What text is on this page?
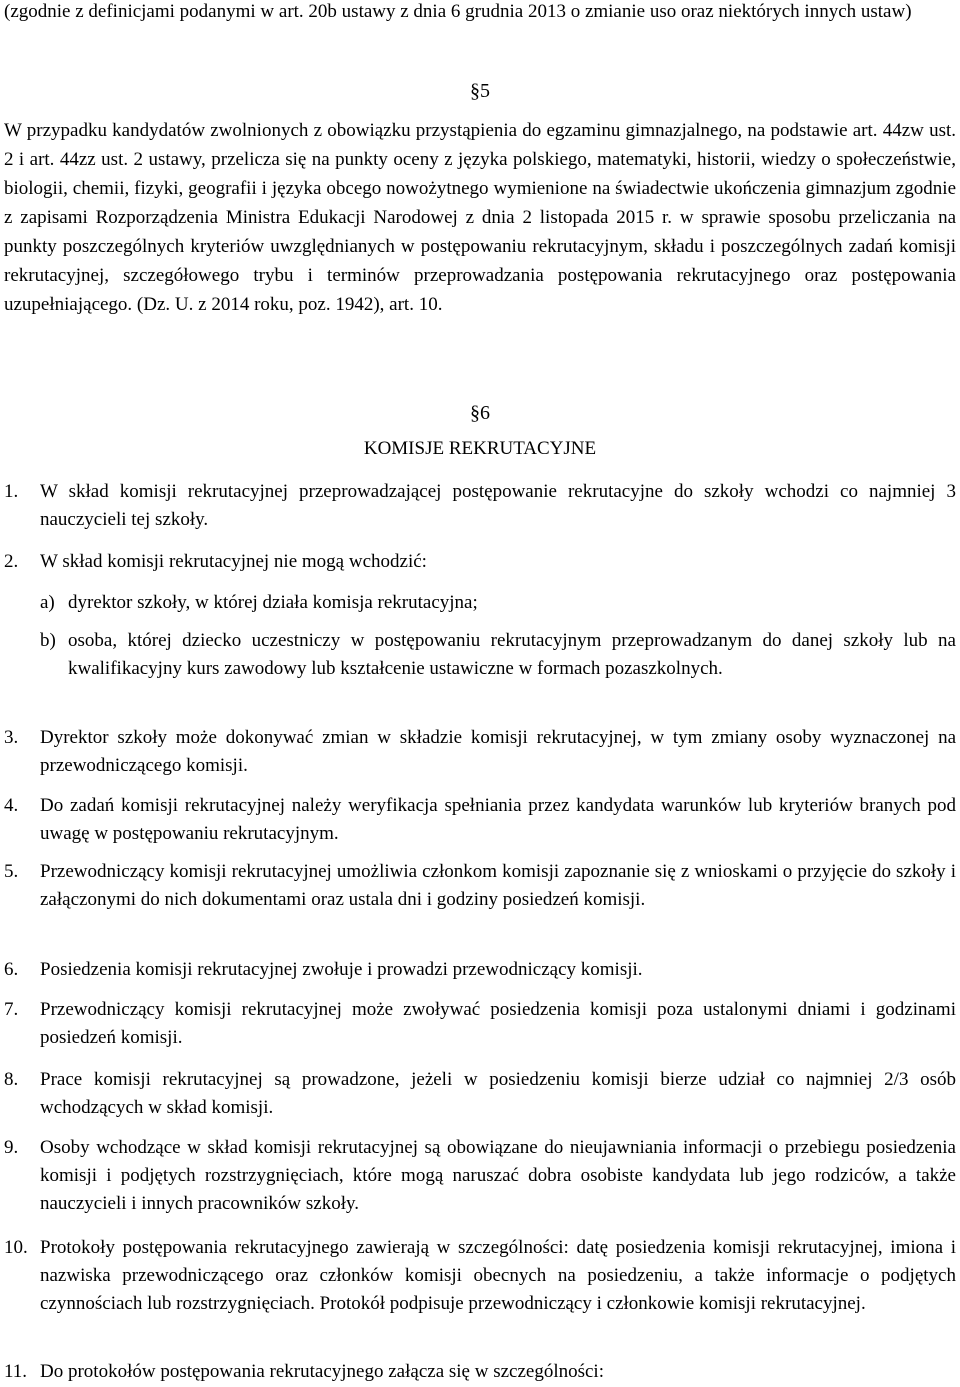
(zgodnie z definicjami podanymi w art. 20b ustawy z dnia 6 grudnia 2013 o zmianie uso oraz niektórych innych ustaw)

§5

W przypadku kandydatów zwolnionych z obowiązku przystąpienia do egzaminu gimnazjalnego, na podstawie art. 44zw ust. 2 i art. 44zz ust. 2 ustawy, przelicza się na punkty oceny z języka polskiego, matematyki, historii, wiedzy o społeczeństwie, biologii, chemii, fizyki, geografii i języka obcego nowożytnego wymienione na świadectwie ukończenia gimnazjum zgodnie z zapisami Rozporządzenia Ministra Edukacji Narodowej z dnia 2 listopada 2015 r. w sprawie sposobu przeliczania na punkty poszczególnych kryteriów uwzględnianych w postępowaniu rekrutacyjnym, składu i poszczególnych zadań komisji rekrutacyjnej, szczegółowego trybu i terminów przeprowadzania postępowania rekrutacyjnego oraz postępowania uzupełniającego. (Dz. U. z 2014 roku, poz. 1942), art. 10.

§6

KOMISJE REKRUTACYJNE

1. W skład komisji rekrutacyjnej przeprowadzającej postępowanie rekrutacyjne do szkoły wchodzi co najmniej 3 nauczycieli tej szkoły.
2. W skład komisji rekrutacyjnej nie mogą wchodzić:
a) dyrektor szkoły, w której działa komisja rekrutacyjna;
b) osoba, której dziecko uczestniczy w postępowaniu rekrutacyjnym przeprowadzanym do danej szkoły lub na kwalifikacyjny kurs zawodowy lub kształcenie ustawiczne w formach pozaszkolnych.
3. Dyrektor szkoły może dokonywać zmian w składzie komisji rekrutacyjnej, w tym zmiany osoby wyznaczonej na przewodniczącego komisji.
4. Do zadań komisji rekrutacyjnej należy weryfikacja spełniania przez kandydata warunków lub kryteriów branych pod uwagę w postępowaniu rekrutacyjnym.
5. Przewodniczący komisji rekrutacyjnej umożliwia członkom komisji zapoznanie się z wnioskami o przyjęcie do szkoły i załączonymi do nich dokumentami oraz ustala dni i godziny posiedzeń komisji.
6. Posiedzenia komisji rekrutacyjnej zwołuje i prowadzi przewodniczący komisji.
7. Przewodniczący komisji rekrutacyjnej może zwoływać posiedzenia komisji poza ustalonymi dniami i godzinami posiedzeń komisji.
8. Prace komisji rekrutacyjnej są prowadzone, jeżeli w posiedzeniu komisji bierze udział co najmniej 2/3 osób wchodzących w skład komisji.
9. Osoby wchodzące w skład komisji rekrutacyjnej są obowiązane do nieujawniania informacji o przebiegu posiedzenia komisji i podjętych rozstrzygnięciach, które mogą naruszać dobra osobiste kandydata lub jego rodziców, a także nauczycieli i innych pracowników szkoły.
10. Protokoły postępowania rekrutacyjnego zawierają w szczególności: datę posiedzenia komisji rekrutacyjnej, imiona i nazwiska przewodniczącego oraz członków komisji obecnych na posiedzeniu, a także informacje o podjętych czynnościach lub rozstrzygnięciach. Protokół podpisuje przewodniczący i członkowie komisji rekrutacyjnej.
11. Do protokołów postępowania rekrutacyjnego załącza się w szczególności:
